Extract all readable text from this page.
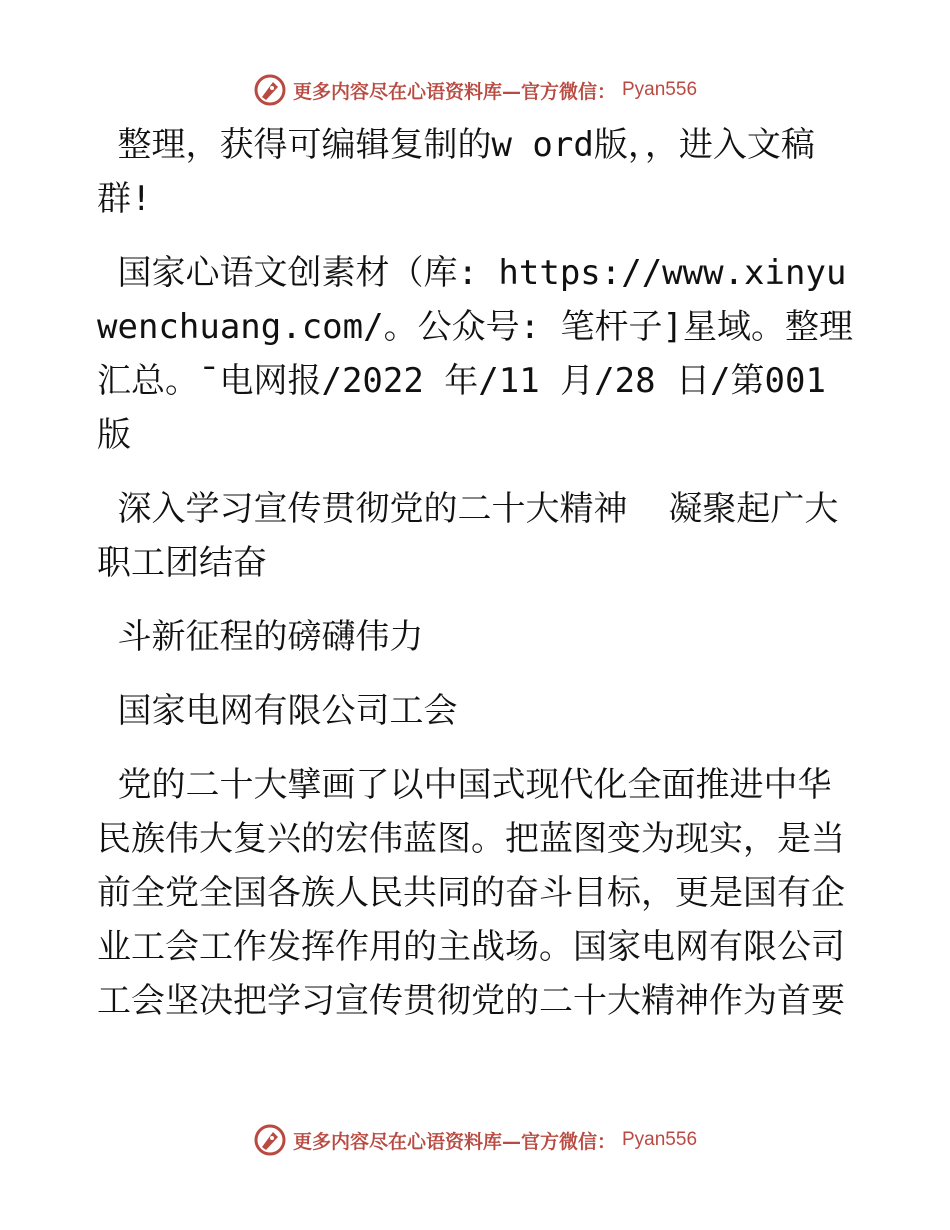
更多内容尽在心语资料库—官方微信： Pyan556

整理，获得可编辑复制的w ord版，，进入文稿群!

国家心语文创素材（库: https://www.xinyuwenchuang.com/。公众号: 笔杆子]星域。整理汇总。¯电网报/2022 年/11 月/28 日/第001 版

深入学习宣传贯彻党的二十大精神  凝聚起广大职工团结奋

斗新征程的磅礴伟力

国家电网有限公司工会

党的二十大擘画了以中国式现代化全面推进中华民族伟大复兴的宏伟蓝图。把蓝图变为现实，是当前全党全国各族人民共同的奋斗目标，更是国有企业工会工作发挥作用的主战场。国家电网有限公司工会坚决把学习宣传贯彻党的二十大精神作为首要

更多内容尽在心语资料库—官方微信： Pyan556
